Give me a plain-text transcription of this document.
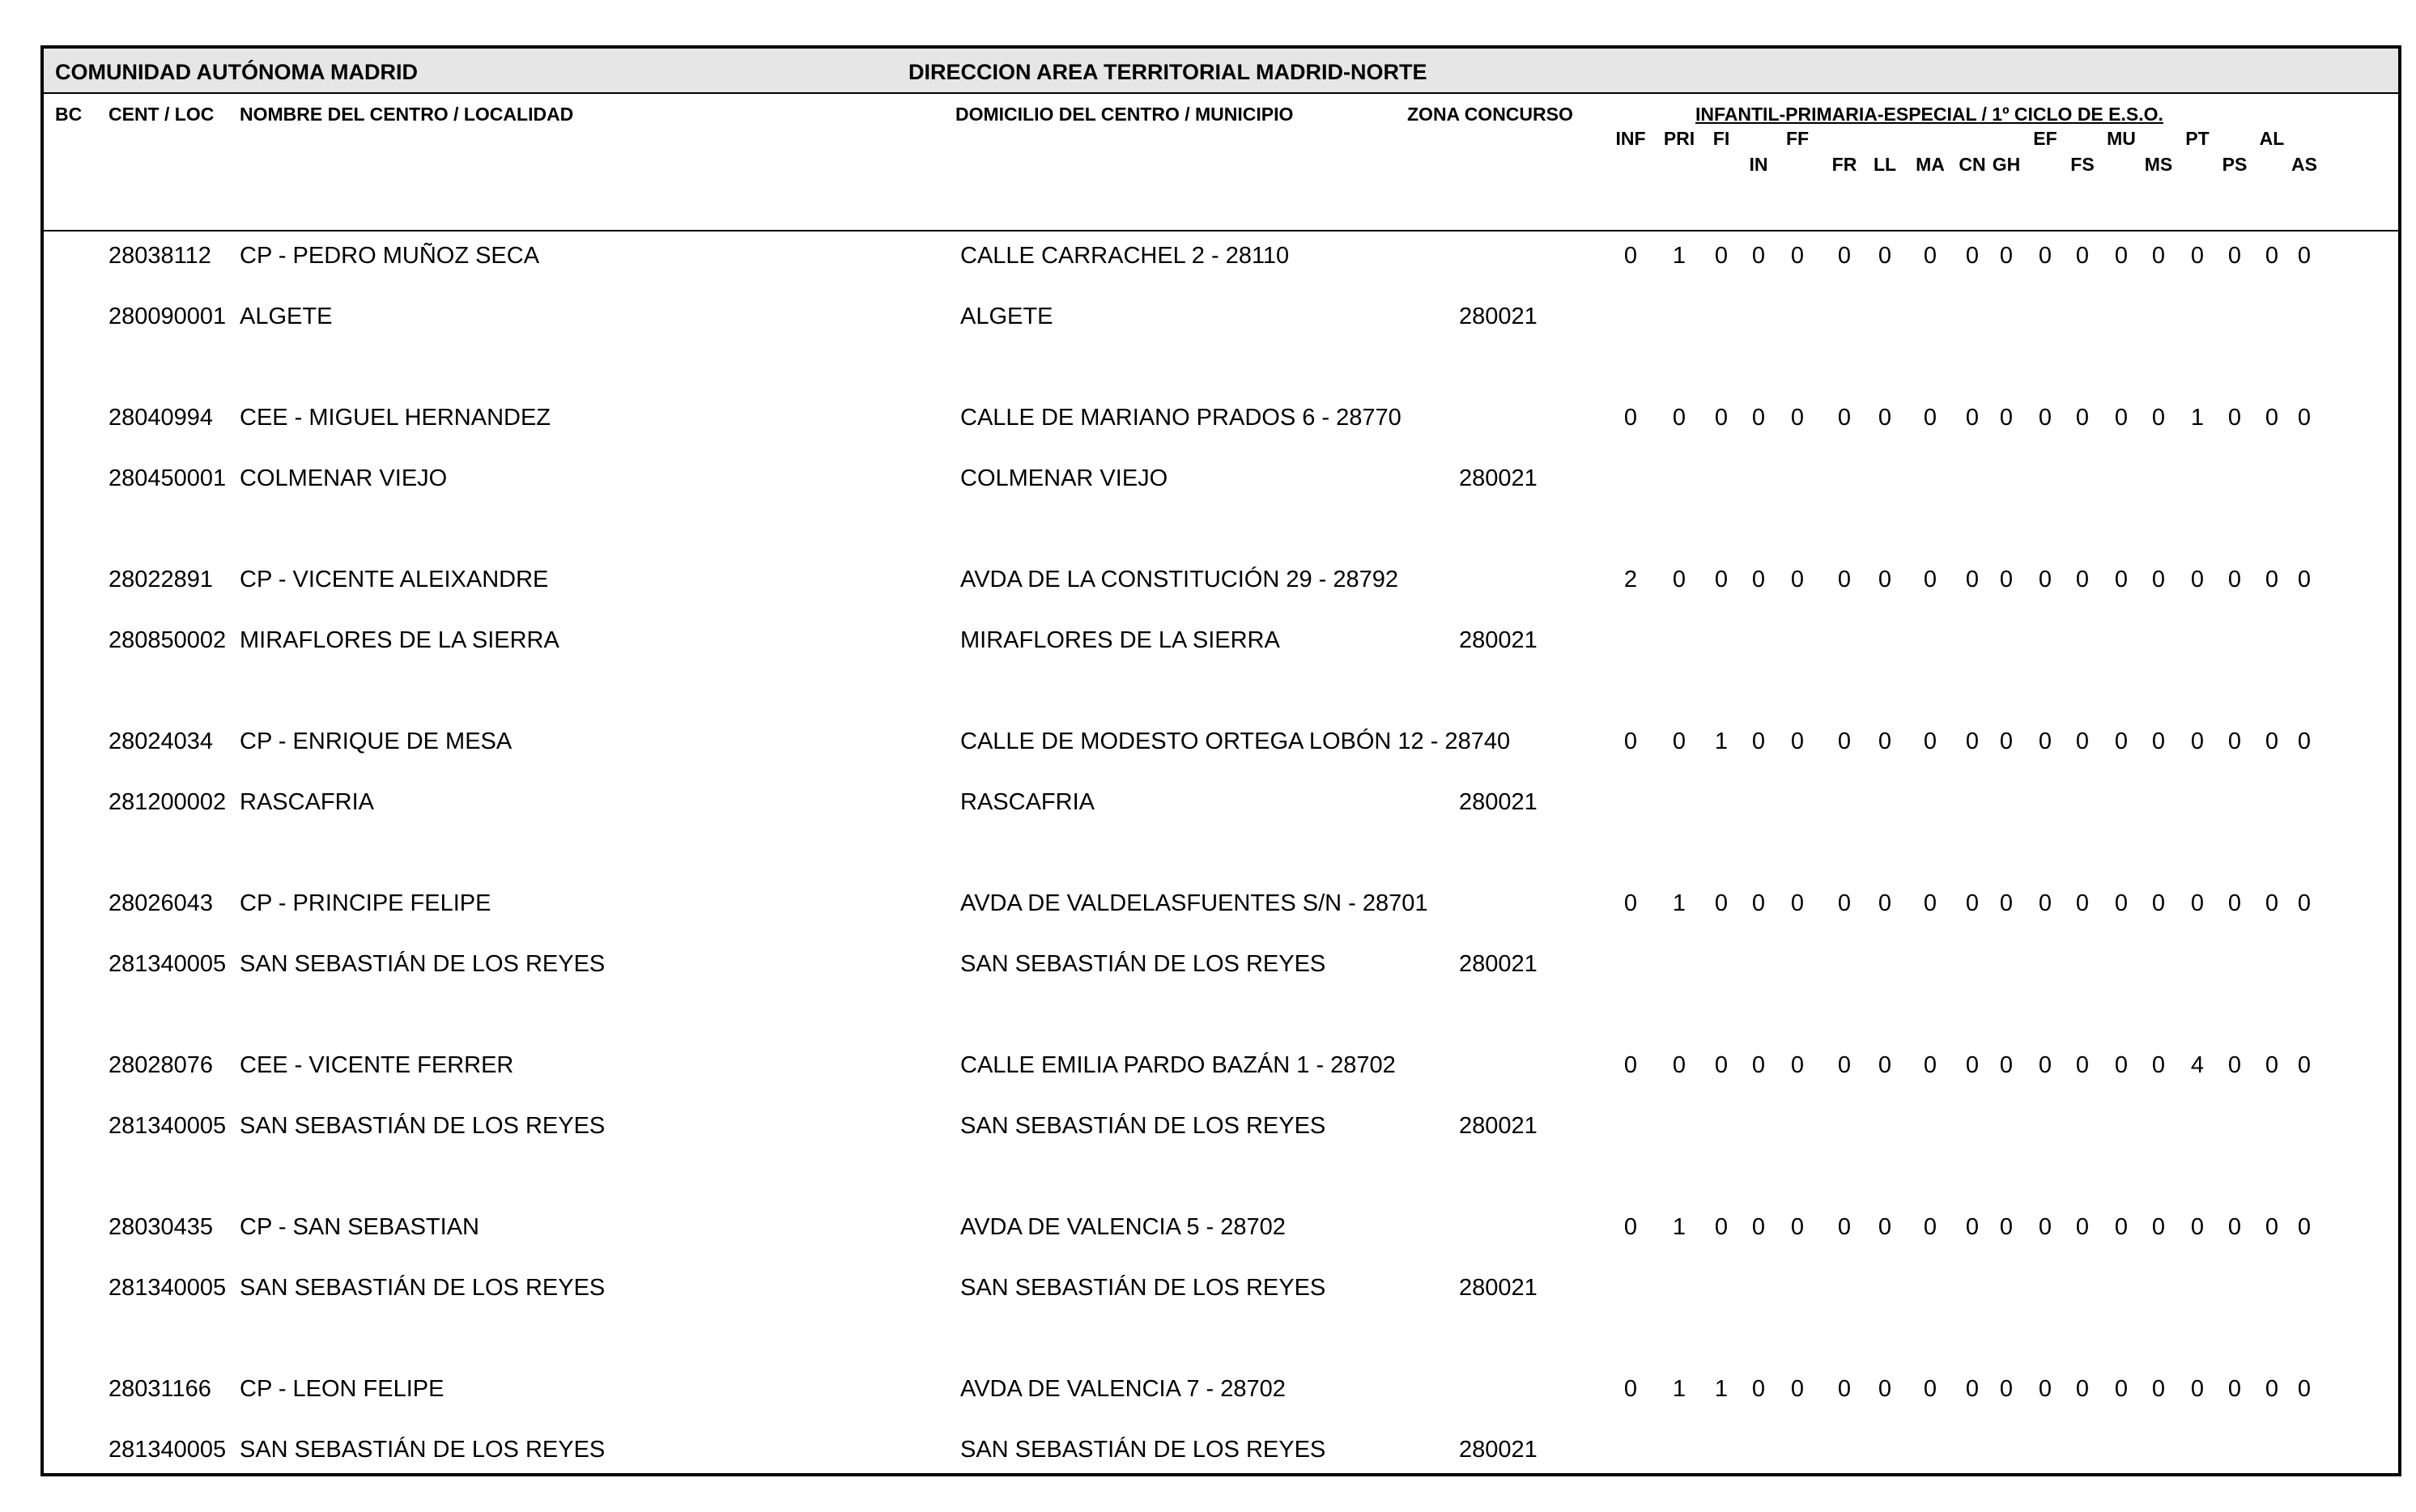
COMUNIDAD AUTÓNOMA MADRID	DIRECCION AREA TERRITORIAL MADRID-NORTE
BC CENT / LOC NOMBRE DEL CENTRO / LOCALIDAD	DOMICILIO DEL CENTRO / MUNICIPIO	ZONA CONCURSO	INFANTIL-PRIMARIA-ESPECIAL / 1º CICLO DE E.S.O.
INF PRI FI
IN
FF
FR LL MA CN GH
EF
FS
MU
MS
PT
PS
AL
AS
28038112 CP - PEDRO MUÑOZ SECA	CALLE CARRACHEL 2 - 28110	0	1	0	0	0	0	0	0	0 0	0	0	0	0	0	0	0 0
280090001 ALGETE	ALGETE	280021
28040994 CEE - MIGUEL HERNANDEZ	CALLE DE MARIANO PRADOS 6 - 28770	0	0	0	0	0	0	0	0	0 0	0	0	0	0	1	0	0 0
280450001 COLMENAR VIEJO	COLMENAR VIEJO	280021
28022891 CP - VICENTE ALEIXANDRE	AVDA DE LA CONSTITUCIÓN 29 - 28792	2	0	0	0	0	0	0	0	0 0	0	0	0	0	0	0	0 0
280850002 MIRAFLORES DE LA SIERRA	MIRAFLORES DE LA SIERRA	280021
28024034 CP - ENRIQUE DE MESA	CALLE DE MODESTO ORTEGA LOBÓN 12 - 28740	0	0	1	0	0	0	0	0	0 0	0	0	0	0	0	0	0 0
281200002 RASCAFRIA	RASCAFRIA	280021
28026043 CP - PRINCIPE FELIPE	AVDA DE VALDELASFUENTES S/N - 28701	0	1	0	0	0	0	0	0	0 0	0	0	0	0	0	0	0 0
281340005 SAN SEBASTIÁN DE LOS REYES	SAN SEBASTIÁN DE LOS REYES	280021
28028076 CEE - VICENTE FERRER	CALLE EMILIA PARDO BAZÁN 1 - 28702	0	0	0	0	0	0	0	0	0 0	0	0	0	0	4	0	0 0
281340005 SAN SEBASTIÁN DE LOS REYES	SAN SEBASTIÁN DE LOS REYES	280021
28030435 CP - SAN SEBASTIAN	AVDA DE VALENCIA 5 - 28702	0	1	0	0	0	0	0	0	0 0	0	0	0	0	0	0	0 0
281340005 SAN SEBASTIÁN DE LOS REYES	SAN SEBASTIÁN DE LOS REYES	280021
28031166 CP - LEON FELIPE	AVDA DE VALENCIA 7 - 28702	0	1	1	0	0	0	0	0	0 0	0	0	0	0	0	0	0 0
281340005 SAN SEBASTIÁN DE LOS REYES	SAN SEBASTIÁN DE LOS REYES	280021
